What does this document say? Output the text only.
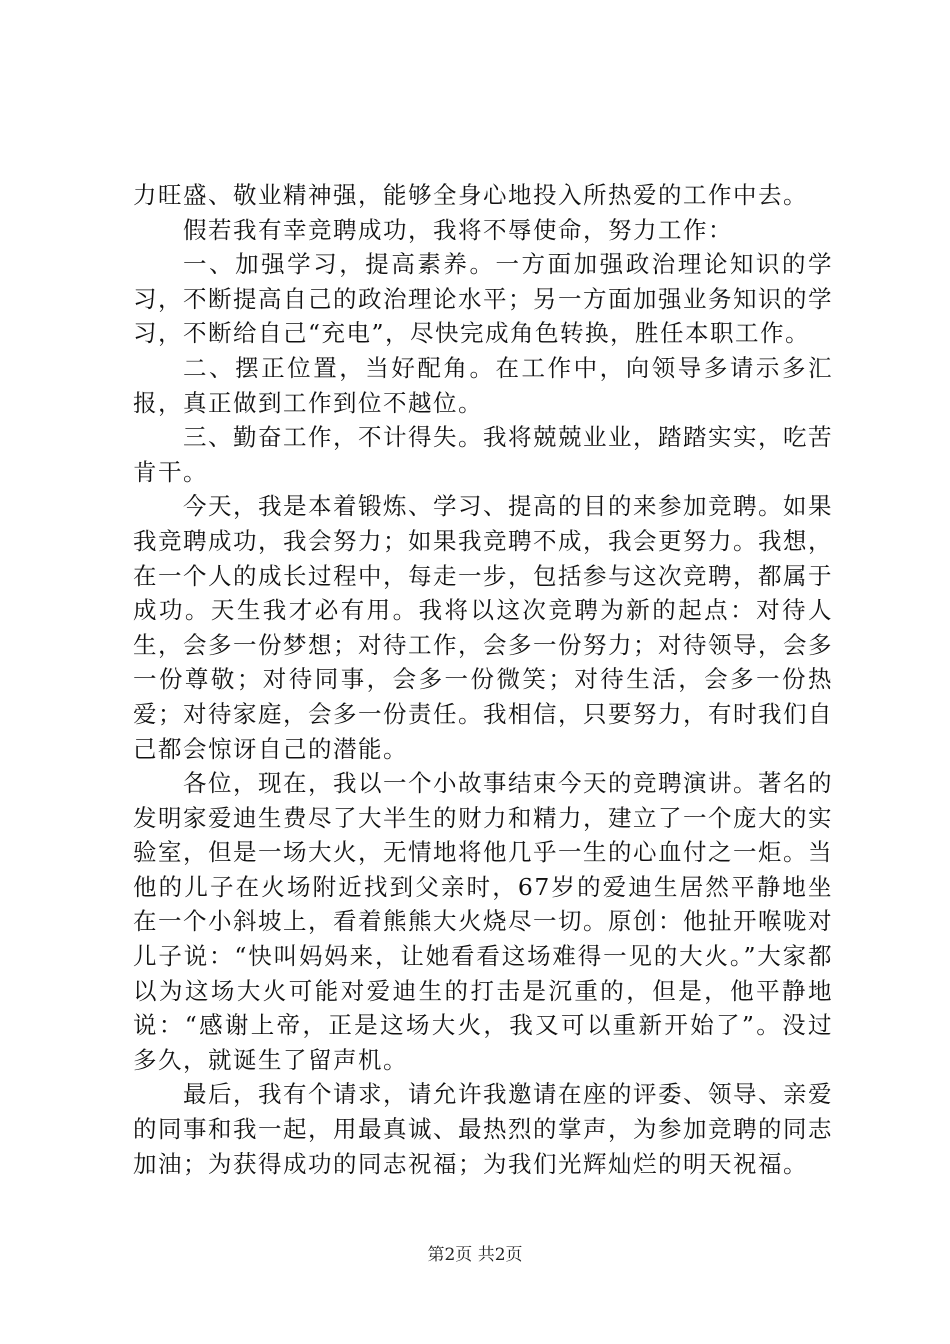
力旺盛、敬业精神强，能够全身心地投入所热爱的工作中去。

假若我有幸竞聘成功，我将不辱使命，努力工作：

一、加强学习，提高素养。一方面加强政治理论知识的学习，不断提高自己的政治理论水平；另一方面加强业务知识的学习，不断给自己“充电”，尽快完成角色转换，胜任本职工作。

二、摆正位置，当好配角。在工作中，向领导多请示多汇报，真正做到工作到位不越位。

三、勤奋工作，不计得失。我将兢兢业业，踏踏实实，吃苦肯干。

今天，我是本着锻炼、学习、提高的目的来参加竞聘。如果我竞聘成功，我会努力；如果我竞聘不成，我会更努力。我想，在一个人的成长过程中，每走一步，包括参与这次竞聘，都属于成功。天生我才必有用。我将以这次竞聘为新的起点：对待人生，会多一份梦想；对待工作，会多一份努力；对待领导，会多一份尊敬；对待同事，会多一份微笑；对待生活，会多一份热爱；对待家庭，会多一份责任。我相信，只要努力，有时我们自己都会惊讶自己的潜能。

各位，现在，我以一个小故事结束今天的竞聘演讲。著名的发明家爱迪生费尽了大半生的财力和精力，建立了一个庞大的实验室，但是一场大火，无情地将他几乎一生的心血付之一炬。当他的儿子在火场附近找到父亲时，67岁的爱迪生居然平静地坐在一个小斜坡上，看着熊熊大火烧尽一切。原创：他扯开喉咙对儿子说：“快叫妈妈来，让她看看这场难得一见的大火。”大家都以为这场大火可能对爱迪生的打击是沉重的，但是，他平静地说：“感谢上帝，正是这场大火，我又可以重新开始了”。没过多久，就诞生了留声机。

最后，我有个请求，请允许我邀请在座的评委、领导、亲爱的同事和我一起，用最真诚、最热烈的掌声，为参加竞聘的同志加油；为获得成功的同志祝福；为我们光辉灿烂的明天祝福。

第2页 共2页
